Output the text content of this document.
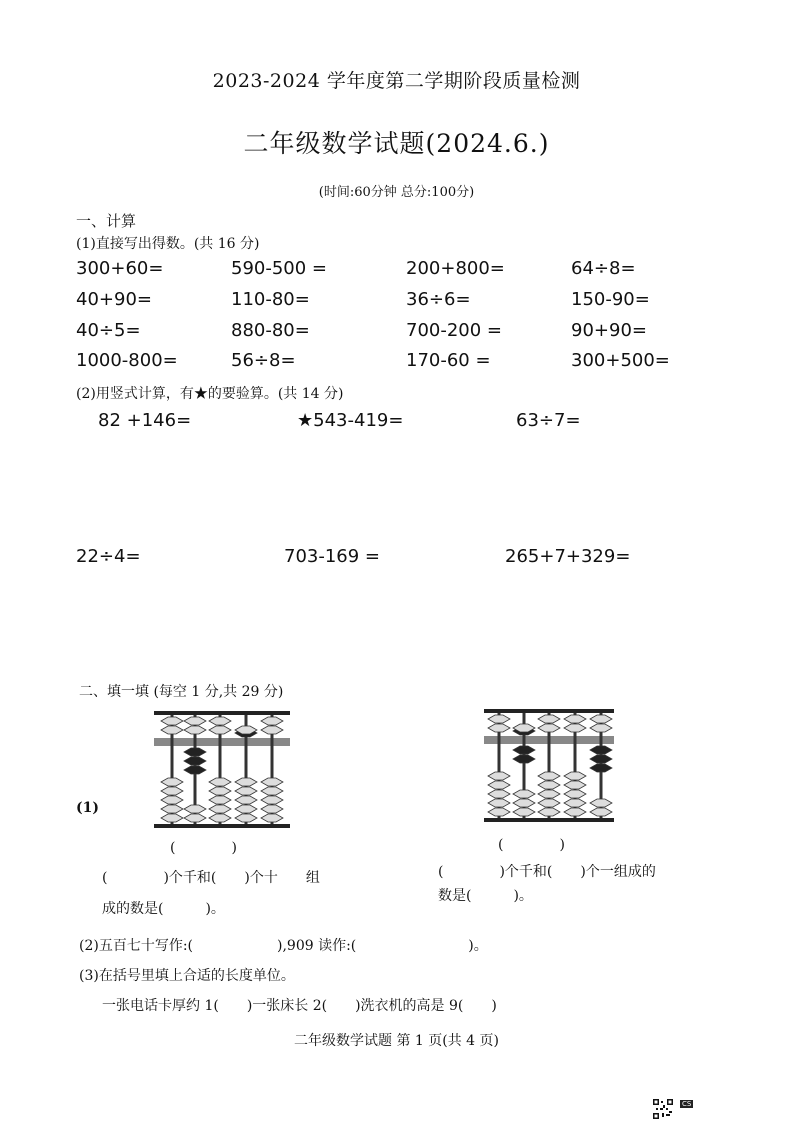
2023-2024 学年度第二学期阶段质量检测
二年级数学试题(2024.6.)
(时间:60分钟 总分:100分)
一、计算
(1)直接写出得数。(共 16 分)
300+60=	590-500 =	200+800=	64÷8=
40+90=	110-80=	36÷6=	150-90=
40÷5=	880-80=	700-200 =	90+90=
1000-800=	56÷8=	170-60 =	300+500=
(2)用竖式计算，有★的要验算。(共 14 分)
82 +146=	★543-419=	63÷7=
22÷4=	703-169 =	265+7+329=
二、填一填 (每空 1 分,共 29 分)
(1)
(　　　　)
(　　　　)个千和(　　)个十　　组
成的数是(　　　)。
(　　　　)
(　　　　)个千和(　　)个一组成的
数是(　　　)。
(2)五百七十写作:(　　　　　　),909 读作:(　　　　　　　　)。
(3)在括号里填上合适的长度单位。
一张电话卡厚约 1(　　)一张床长 2(　　)洗衣机的高是 9(　　)
二年级数学试题 第 1 页(共 4 页)
CS
